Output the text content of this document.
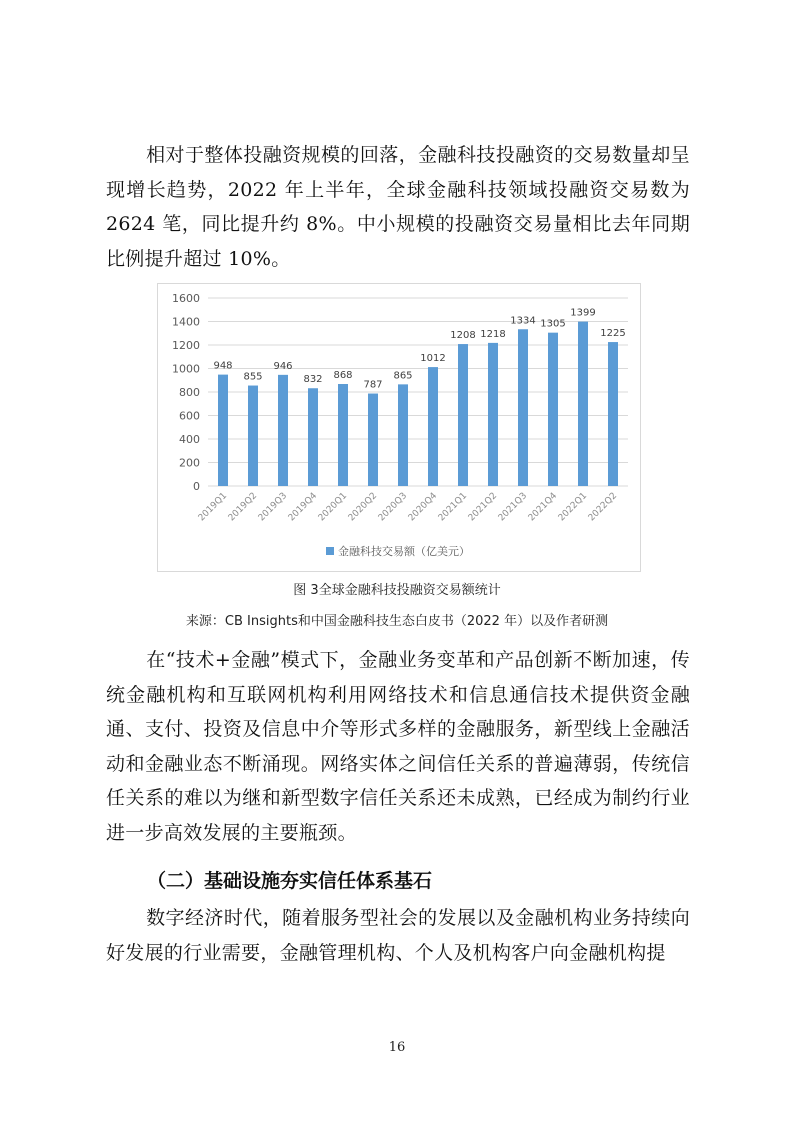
相对于整体投融资规模的回落，金融科技投融资的交易数量却呈现增长趋势，2022 年上半年，全球金融科技领域投融资交易数为 2624 笔，同比提升约 8%。中小规模的投融资交易量相比去年同期比例提升超过 10%。

0
200
400
600
800
1000
1200
1400
1600
948
855
946
832 868
787
865
1012
1208 1218
1334 1305
1399
1225
2019Q1
2019Q2
2019Q3
2019Q4
2020Q1
2020Q2
2020Q3
2020Q4
2021Q1
2021Q2
2021Q3
2021Q4
2022Q1
2022Q2
金融科技交易额（亿美元）

图 3全球金融科技投融资交易额统计

来源：CB Insights和中国金融科技生态白皮书（2022 年）以及作者研测

在“技术+金融”模式下，金融业务变革和产品创新不断加速，传统金融机构和互联网机构利用网络技术和信息通信技术提供资金融通、支付、投资及信息中介等形式多样的金融服务，新型线上金融活动和金融业态不断涌现。网络实体之间信任关系的普遍薄弱，传统信任关系的难以为继和新型数字信任关系还未成熟，已经成为制约行业进一步高效发展的主要瓶颈。

（二）基础设施夯实信任体系基石

数字经济时代，随着服务型社会的发展以及金融机构业务持续向好发展的行业需要，金融管理机构、个人及机构客户向金融机构提

16
